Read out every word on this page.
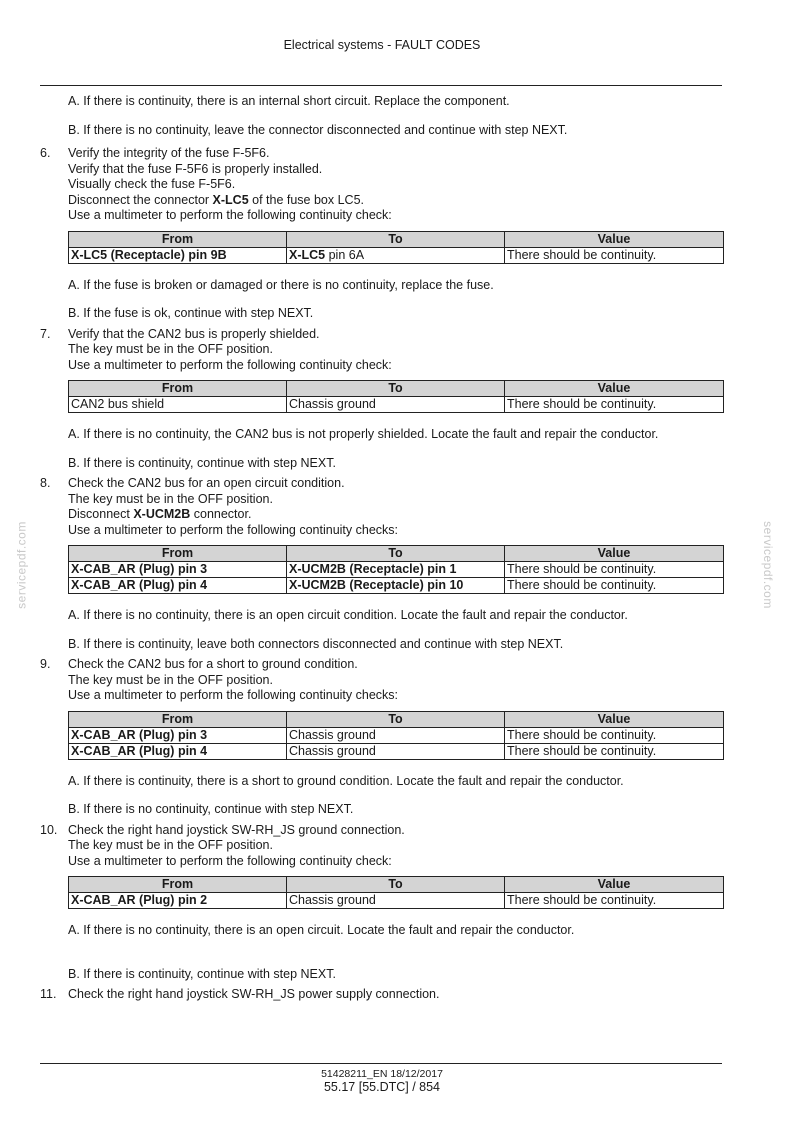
Electrical systems - FAULT CODES
servicepdf.com	servicepdf.com

A. If there is continuity, there is an internal short circuit. Replace the component.

B. If there is no continuity, leave the connector disconnected and continue with step NEXT.

6.	Verify the integrity of the fuse F-5F6.
Verify that the fuse F-5F6 is properly installed.
Visually check the fuse F-5F6.
Disconnect the connector X-LC5 of the fuse box LC5.
Use a multimeter to perform the following continuity check:
From	To	Value
X-LC5 (Receptacle) pin 9B	X-LC5 pin 6A	There should be continuity.

A. If the fuse is broken or damaged or there is no continuity, replace the fuse.

B. If the fuse is ok, continue with step NEXT.

7.	Verify that the CAN2 bus is properly shielded.
The key must be in the OFF position.
Use a multimeter to perform the following continuity check:
From	To	Value
CAN2 bus shield	Chassis ground	There should be continuity.

A. If there is no continuity, the CAN2 bus is not properly shielded. Locate the fault and repair the conductor.

B. If there is continuity, continue with step NEXT.

8.	Check the CAN2 bus for an open circuit condition.
The key must be in the OFF position.
Disconnect X-UCM2B connector.
Use a multimeter to perform the following continuity checks:
From	To	Value
X-CAB_AR (Plug) pin 3	X-UCM2B (Receptacle) pin 1	There should be continuity.
X-CAB_AR (Plug) pin 4	X-UCM2B (Receptacle) pin 10	There should be continuity.

A. If there is no continuity, there is an open circuit condition. Locate the fault and repair the conductor.

B. If there is continuity, leave both connectors disconnected and continue with step NEXT.

9.	Check the CAN2 bus for a short to ground condition.
The key must be in the OFF position.
Use a multimeter to perform the following continuity checks:
From	To	Value
X-CAB_AR (Plug) pin 3	Chassis ground	There should be continuity.
X-CAB_AR (Plug) pin 4	Chassis ground	There should be continuity.

A. If there is continuity, there is a short to ground condition. Locate the fault and repair the conductor.

B. If there is no continuity, continue with step NEXT.

10. Check the right hand joystick SW-RH_JS ground connection.
The key must be in the OFF position.
Use a multimeter to perform the following continuity check:
From	To	Value
X-CAB_AR (Plug) pin 2	Chassis ground	There should be continuity.

A. If there is no continuity, there is an open circuit. Locate the fault and repair the conductor.

B. If there is continuity, continue with step NEXT.

11. Check the right hand joystick SW-RH_JS power supply connection.
51428211_EN 18/12/2017
55.17 [55.DTC] / 854
